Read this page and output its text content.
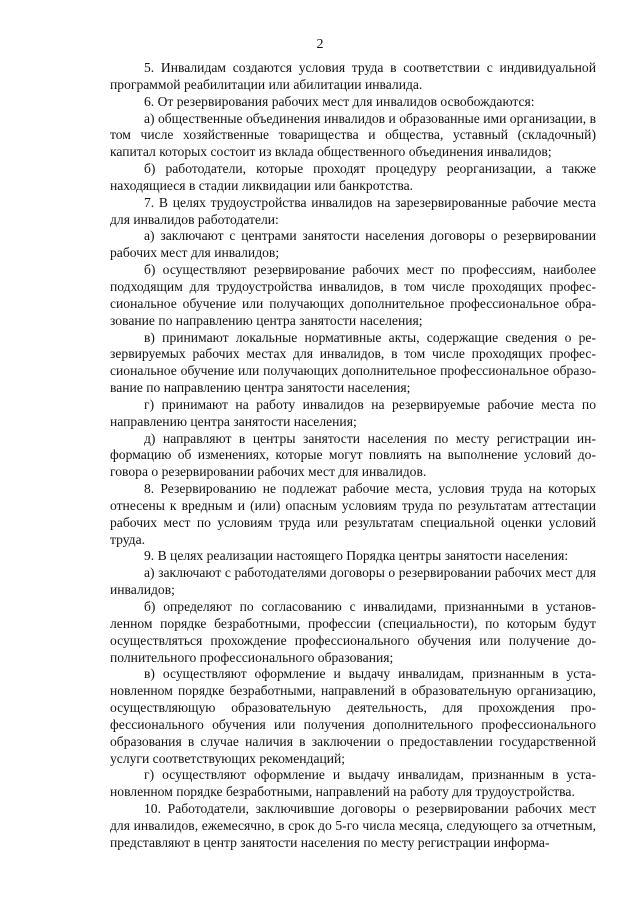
2

5. Инвалидам создаются условия труда в соответствии с индивидуальной программой реабилитации или абилитации инвалида.

6. От резервирования рабочих мест для инвалидов освобождаются:

а) общественные объединения инвалидов и образованные ими организации, в том числе хозяйственные товарищества и общества, уставный (складочный) капитал которых состоит из вклада общественного объединения инвалидов;

б) работодатели, которые проходят процедуру реорганизации, а также находящиеся в стадии ликвидации или банкротства.

7. В целях трудоустройства инвалидов на зарезервированные рабочие места для инвалидов работодатели:

а) заключают с центрами занятости населения договоры о резервировании рабочих мест для инвалидов;

б) осуществляют резервирование рабочих мест по профессиям, наиболее подходящим для трудоустройства инвалидов, в том числе проходящих профессиональное обучение или получающих дополнительное профессиональное образование по направлению центра занятости населения;

в) принимают локальные нормативные акты, содержащие сведения о резервируемых рабочих местах для инвалидов, в том числе проходящих профессиональное обучение или получающих дополнительное профессиональное образование по направлению центра занятости населения;

г) принимают на работу инвалидов на резервируемые рабочие места по направлению центра занятости населения;

д) направляют в центры занятости населения по месту регистрации информацию об изменениях, которые могут повлиять на выполнение условий договора о резервировании рабочих мест для инвалидов.

8. Резервированию не подлежат рабочие места, условия труда на которых отнесены к вредным и (или) опасным условиям труда по результатам аттестации рабочих мест по условиям труда или результатам специальной оценки условий труда.

9. В целях реализации настоящего Порядка центры занятости населения:

а) заключают с работодателями договоры о резервировании рабочих мест для инвалидов;

б) определяют по согласованию с инвалидами, признанными в установленном порядке безработными, профессии (специальности), по которым будут осуществляться прохождение профессионального обучения или получение дополнительного профессионального образования;

в) осуществляют оформление и выдачу инвалидам, признанным в установленном порядке безработными, направлений в образовательную организацию, осуществляющую образовательную деятельность, для прохождения профессионального обучения или получения дополнительного профессионального образования в случае наличия в заключении о предоставлении государственной услуги соответствующих рекомендаций;

г) осуществляют оформление и выдачу инвалидам, признанным в установленном порядке безработными, направлений на работу для трудоустройства.

10. Работодатели, заключившие договоры о резервировании рабочих мест для инвалидов, ежемесячно, в срок до 5-го числа месяца, следующего за отчетным, представляют в центр занятости населения по месту регистрации информа-
